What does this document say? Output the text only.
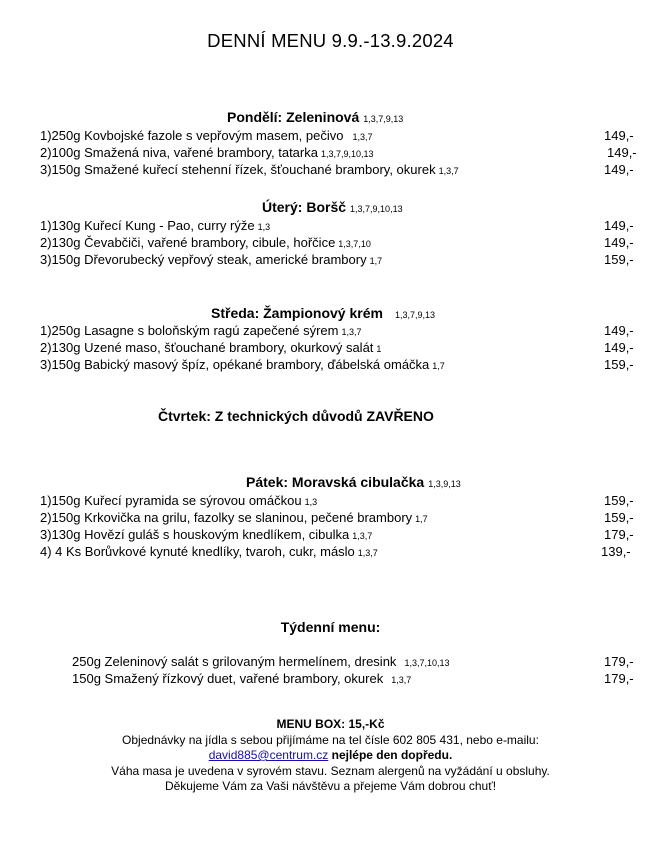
DENNÍ MENU 9.9.-13.9.2024
Pondělí: Zeleninová 1,3,7,9,13
1)250g Kovbojské fazole s vepřovým masem, pečivo 1,3,7	149,-
2)100g Smažená niva, vařené brambory, tatarka 1,3,7,9,10,13	149,-
3)150g Smažené kuřecí stehenní řízek, šťouchané brambory, okurek 1,3,7	149,-
Úterý: Boršč 1,3,7,9,10,13
1)130g Kuřecí Kung - Pao, curry rýže 1,3	149,-
2)130g Čevabčiči, vařené brambory, cibule, hořčice 1,3,7,10	149,-
3)150g Dřevorubecký vepřový steak, americké brambory 1,7	159,-
Středa: Žampionový krém 1,3,7,9,13
1)250g Lasagne s boloňským ragú zapečené sýrem 1,3,7	149,-
2)130g Uzené maso, šťouchané brambory, okurkový salát 1	149,-
3)150g Babický masový špíz, opékané brambory, ďábelská omáčka 1,7	159,-
Čtvrtek: Z technických důvodů ZAVŘENO
Pátek: Moravská cibulačka 1,3,9,13
1)150g Kuřecí pyramida se sýrovou omáčkou 1,3	159,-
2)150g Krkovička na grilu, fazolky se slaninou, pečené brambory 1,7	159,-
3)130g Hovězí guláš s houskovým knedlíkem, cibulka 1,3,7	179,-
4) 4 Ks Borůvkové kynuté knedlíky, tvaroh, cukr, máslo 1,3,7	139,-
Týdenní menu:
250g Zeleninový salát s grilovaným hermelínem, dresink 1,3,7,10,13	179,-
150g Smažený řízkový duet, vařené brambory, okurek 1,3,7	179,-
MENU BOX: 15,-Kč
Objednávky na jídla s sebou přijímáme na tel čísle 602 805 431, nebo e-mailu:
david885@centrum.cz nejlépe den dopředu.
Váha masa je uvedena v syrovém stavu. Seznam alergenů na vyžádání u obsluhy.
Děkujeme Vám za Vaši návštěvu a přejeme Vám dobrou chuť!
